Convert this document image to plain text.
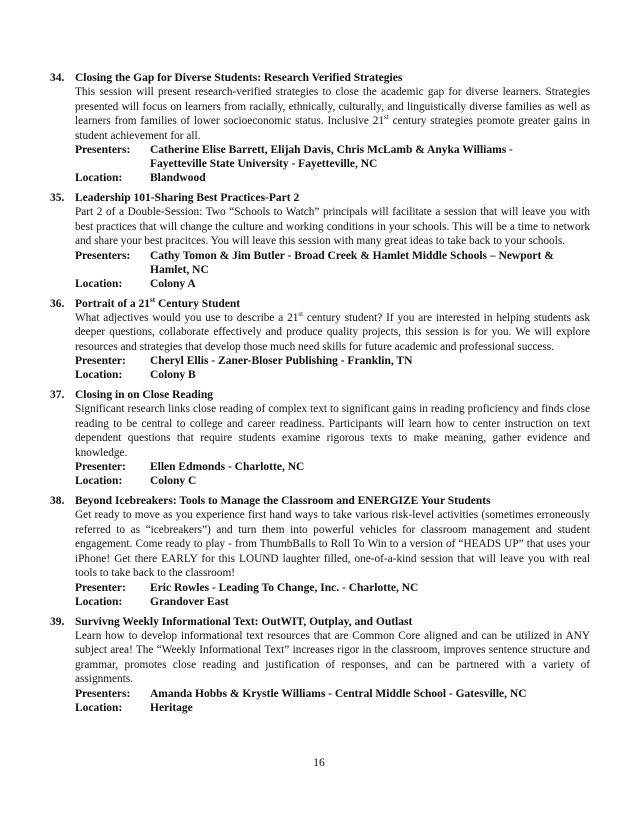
34. Closing the Gap for Diverse Students: Research Verified Strategies
This session will present research-verified strategies to close the academic gap for diverse learners. Strategies presented will focus on learners from racially, ethnically, culturally, and linguistically diverse families as well as learners from families of lower socioeconomic status. Inclusive 21st century strategies promote greater gains in student achievement for all.
Presenters:	Catherine Elise Barrett, Elijah Davis, Chris McLamb & Anyka Williams -
Fayetteville State University - Fayetteville, NC
Location:	Blandwood
35. Leadership 101-Sharing Best Practices-Part 2
Part 2 of a Double-Session: Two “Schools to Watch” principals will facilitate a session that will leave you with best practices that will change the culture and working conditions in your schools. This will be a time to network and share your best pracitces. You will leave this session with many great ideas to take back to your schools.
Presenters:	Cathy Tomon & Jim Butler - Broad Creek & Hamlet Middle Schools – Newport &
Hamlet, NC
Location:	Colony A
36. Portrait of a 21st Century Student
What adjectives would you use to describe a 21st century student? If you are interested in helping students ask deeper questions, collaborate effectively and produce quality projects, this session is for you. We will explore resources and strategies that develop those much need skills for future academic and professional success.
Presenter:	Cheryl Ellis - Zaner-Bloser Publishing - Franklin, TN
Location:	Colony B
37. Closing in on Close Reading
Significant research links close reading of complex text to significant gains in reading proficiency and finds close reading to be central to college and career readiness. Participants will learn how to center instruction on text dependent questions that require students examine rigorous texts to make meaning, gather evidence and knowledge.
Presenter:	Ellen Edmonds - Charlotte, NC
Location:	Colony C
38. Beyond Icebreakers: Tools to Manage the Classroom and ENERGIZE Your Students
Get ready to move as you experience first hand ways to take various risk-level activities (sometimes erroneously referred to as “icebreakers”) and turn them into powerful vehicles for classroom management and student engagement. Come ready to play - from ThumbBalls to Roll To Win to a version of “HEADS UP” that uses your iPhone! Get there EARLY for this LOUND laughter filled, one-of-a-kind session that will leave you with real tools to take back to the classroom!
Presenter:	Eric Rowles - Leading To Change, Inc. - Charlotte, NC
Location:	Grandover East
39. Survivng Weekly Informational Text: OutWIT, Outplay, and Outlast
Learn how to develop informational text resources that are Common Core aligned and can be utilized in ANY subject area! The “Weekly Informational Text” increases rigor in the classroom, improves sentence structure and grammar, promotes close reading and justification of responses, and can be partnered with a variety of assignments.
Presenters:	Amanda Hobbs & Krystle Williams - Central Middle School - Gatesville, NC
Location:	Heritage
16
